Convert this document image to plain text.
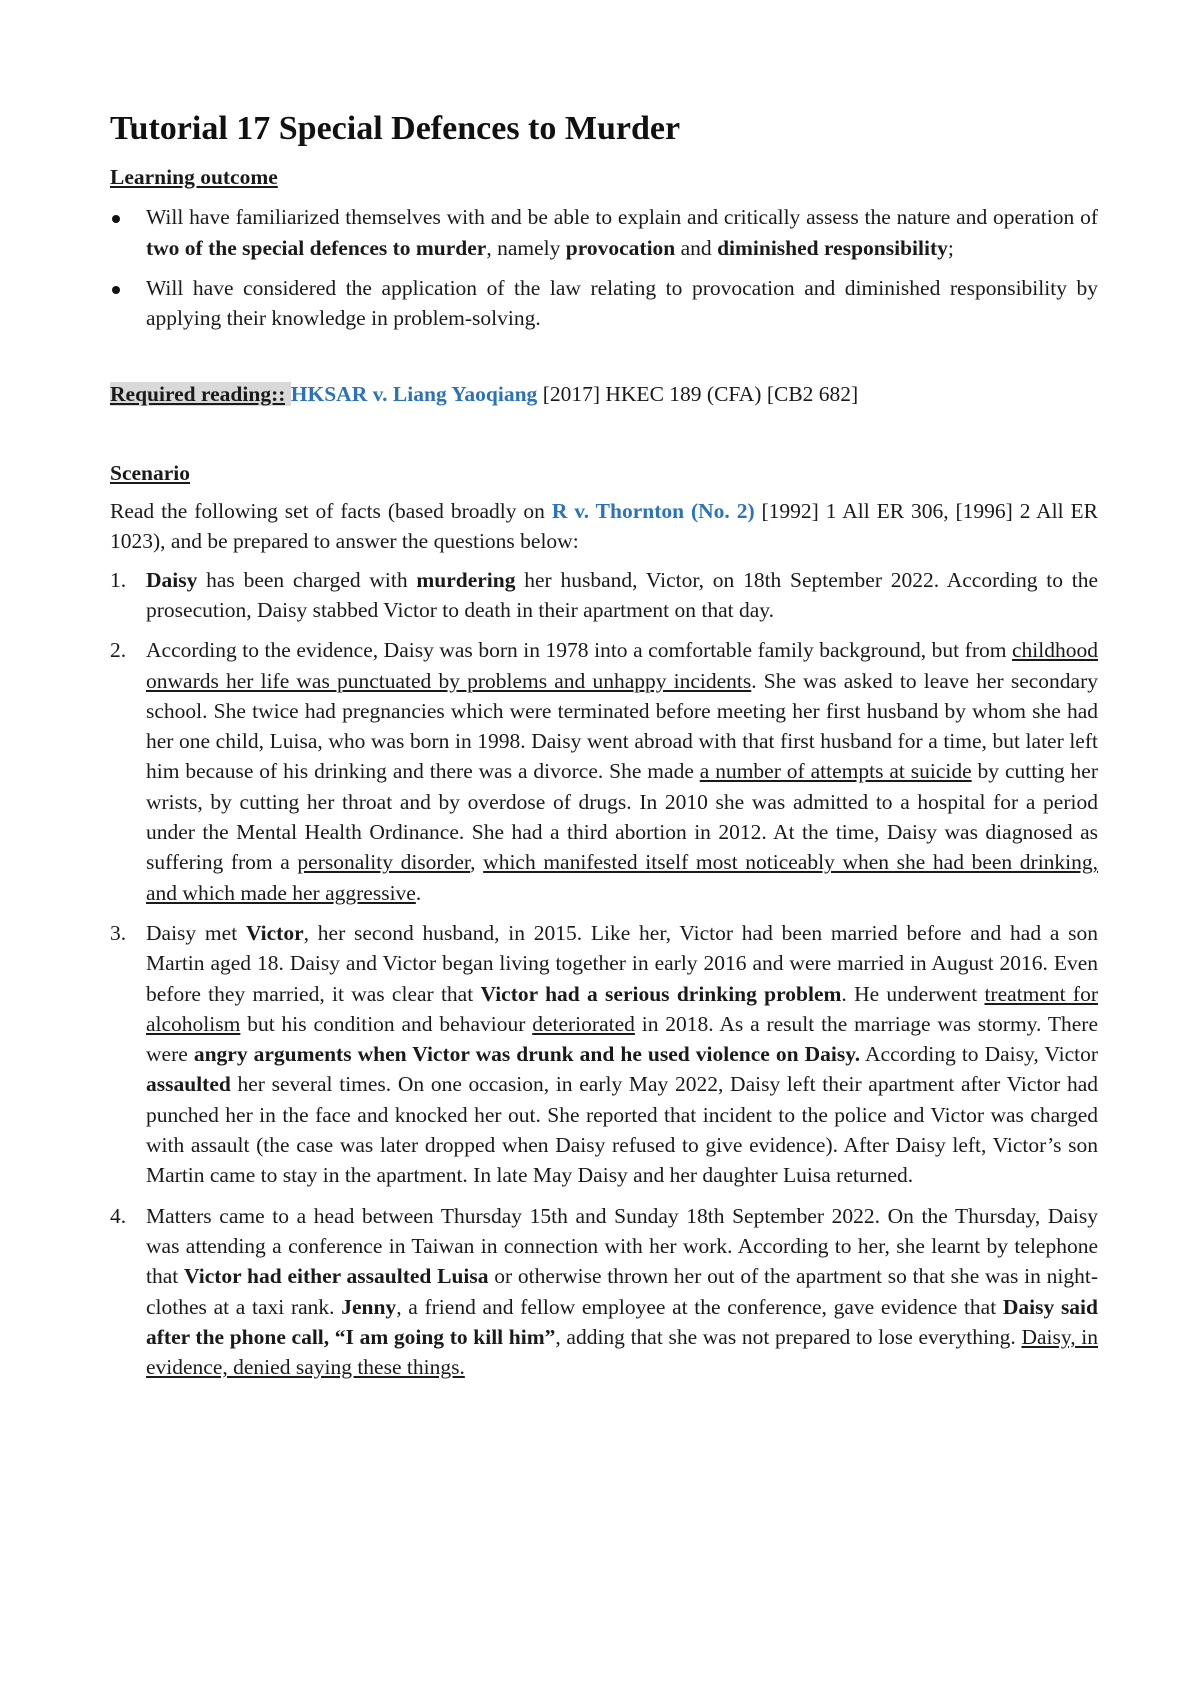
Tutorial 17 Special Defences to Murder

Learning outcome

Will have familiarized themselves with and be able to explain and critically assess the nature and operation of two of the special defences to murder, namely provocation and diminished responsibility;
Will have considered the application of the law relating to provocation and diminished responsibility by applying their knowledge in problem-solving.

Required reading:: HKSAR v. Liang Yaoqiang [2017] HKEC 189 (CFA) [CB2 682]

Scenario

Read the following set of facts (based broadly on R v. Thornton (No. 2) [1992] 1 All ER 306, [1996] 2 All ER 1023), and be prepared to answer the questions below:

1. Daisy has been charged with murdering her husband, Victor, on 18th September 2022. According to the prosecution, Daisy stabbed Victor to death in their apartment on that day.
2. According to the evidence, Daisy was born in 1978 into a comfortable family background, but from childhood onwards her life was punctuated by problems and unhappy incidents. She was asked to leave her secondary school. She twice had pregnancies which were terminated before meeting her first husband by whom she had her one child, Luisa, who was born in 1998. Daisy went abroad with that first husband for a time, but later left him because of his drinking and there was a divorce. She made a number of attempts at suicide by cutting her wrists, by cutting her throat and by overdose of drugs. In 2010 she was admitted to a hospital for a period under the Mental Health Ordinance. She had a third abortion in 2012. At the time, Daisy was diagnosed as suffering from a personality disorder, which manifested itself most noticeably when she had been drinking, and which made her aggressive.
3. Daisy met Victor, her second husband, in 2015. Like her, Victor had been married before and had a son Martin aged 18. Daisy and Victor began living together in early 2016 and were married in August 2016. Even before they married, it was clear that Victor had a serious drinking problem. He underwent treatment for alcoholism but his condition and behaviour deteriorated in 2018. As a result the marriage was stormy. There were angry arguments when Victor was drunk and he used violence on Daisy. According to Daisy, Victor assaulted her several times. On one occasion, in early May 2022, Daisy left their apartment after Victor had punched her in the face and knocked her out. She reported that incident to the police and Victor was charged with assault (the case was later dropped when Daisy refused to give evidence). After Daisy left, Victor’s son Martin came to stay in the apartment. In late May Daisy and her daughter Luisa returned.
4. Matters came to a head between Thursday 15th and Sunday 18th September 2022. On the Thursday, Daisy was attending a conference in Taiwan in connection with her work. According to her, she learnt by telephone that Victor had either assaulted Luisa or otherwise thrown her out of the apartment so that she was in night-clothes at a taxi rank. Jenny, a friend and fellow employee at the conference, gave evidence that Daisy said after the phone call, “I am going to kill him”, adding that she was not prepared to lose everything. Daisy, in evidence, denied saying these things.
